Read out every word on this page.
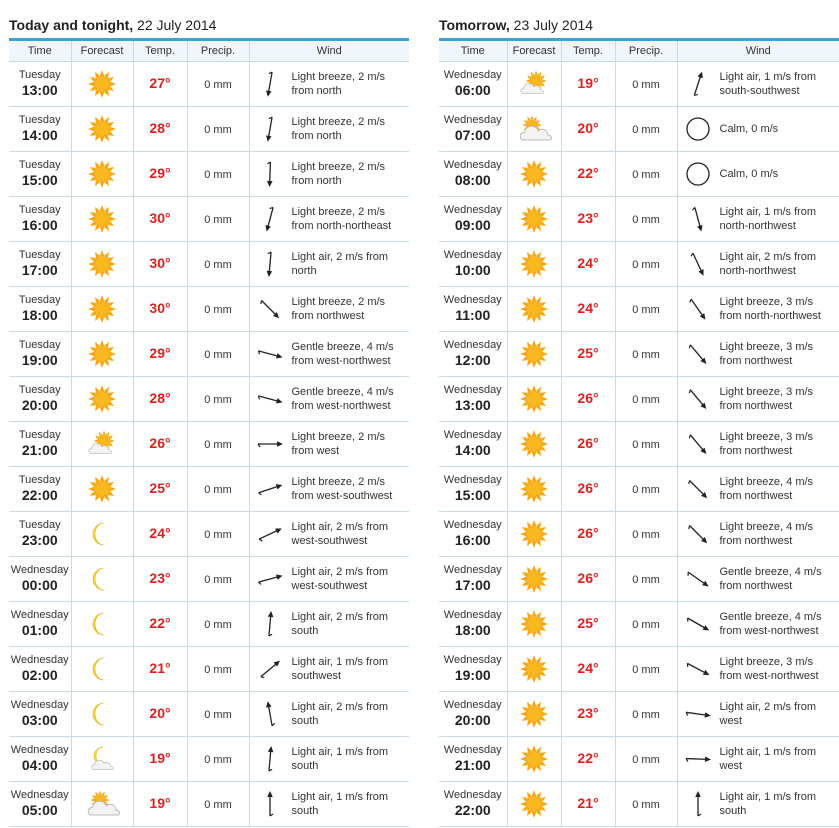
Today and tonight, 22 July 2014
Time	Forecast	Temp.	Precip.	Wind

Tuesday
13:00		27°	0 mm	Light breeze, 2 m/s from north

Tuesday
14:00		28°	0 mm	Light breeze, 2 m/s from north

Tuesday
15:00		29°	0 mm	Light breeze, 2 m/s from north

Tuesday
16:00		30°	0 mm	Light breeze, 2 m/s from north-northeast

Tuesday
17:00		30°	0 mm	Light air, 2 m/s from north

Tuesday
18:00		30°	0 mm	Light breeze, 2 m/s from northwest

Tuesday
19:00		29°	0 mm	Gentle breeze, 4 m/s from west-northwest

Tuesday
20:00		28°	0 mm	Gentle breeze, 4 m/s from west-northwest

Tuesday
21:00		26°	0 mm	Light breeze, 2 m/s from west

Tuesday
22:00		25°	0 mm	Light breeze, 2 m/s from west-southwest

Tuesday
23:00		24°	0 mm	Light air, 2 m/s from west-southwest

Wednesday
00:00		23°	0 mm	Light air, 2 m/s from west-southwest

Wednesday
01:00		22°	0 mm	Light air, 2 m/s from south

Wednesday
02:00		21°	0 mm	Light air, 1 m/s from southwest

Wednesday
03:00		20°	0 mm	Light air, 2 m/s from south

Wednesday
04:00		19°	0 mm	Light air, 1 m/s from south

Wednesday
05:00		19°	0 mm	Light air, 1 m/s from south
Tomorrow, 23 July 2014
Time	Forecast	Temp.	Precip.	Wind

Wednesday
06:00		19°	0 mm	Light air, 1 m/s from south-southwest

Wednesday
07:00		20°	0 mm	Calm, 0 m/s

Wednesday
08:00		22°	0 mm	Calm, 0 m/s

Wednesday
09:00		23°	0 mm	Light air, 1 m/s from north-northwest

Wednesday
10:00		24°	0 mm	Light air, 2 m/s from north-northwest

Wednesday
11:00		24°	0 mm	Light breeze, 3 m/s from north-northwest

Wednesday
12:00		25°	0 mm	Light breeze, 3 m/s from northwest

Wednesday
13:00		26°	0 mm	Light breeze, 3 m/s from northwest

Wednesday
14:00		26°	0 mm	Light breeze, 3 m/s from northwest

Wednesday
15:00		26°	0 mm	Light breeze, 4 m/s from northwest

Wednesday
16:00		26°	0 mm	Light breeze, 4 m/s from northwest

Wednesday
17:00		26°	0 mm	Gentle breeze, 4 m/s from northwest

Wednesday
18:00		25°	0 mm	Gentle breeze, 4 m/s from west-northwest

Wednesday
19:00		24°	0 mm	Light breeze, 3 m/s from west-northwest

Wednesday
20:00		23°	0 mm	Light air, 2 m/s from west

Wednesday
21:00		22°	0 mm	Light air, 1 m/s from west

Wednesday
22:00		21°	0 mm	Light air, 1 m/s from south
